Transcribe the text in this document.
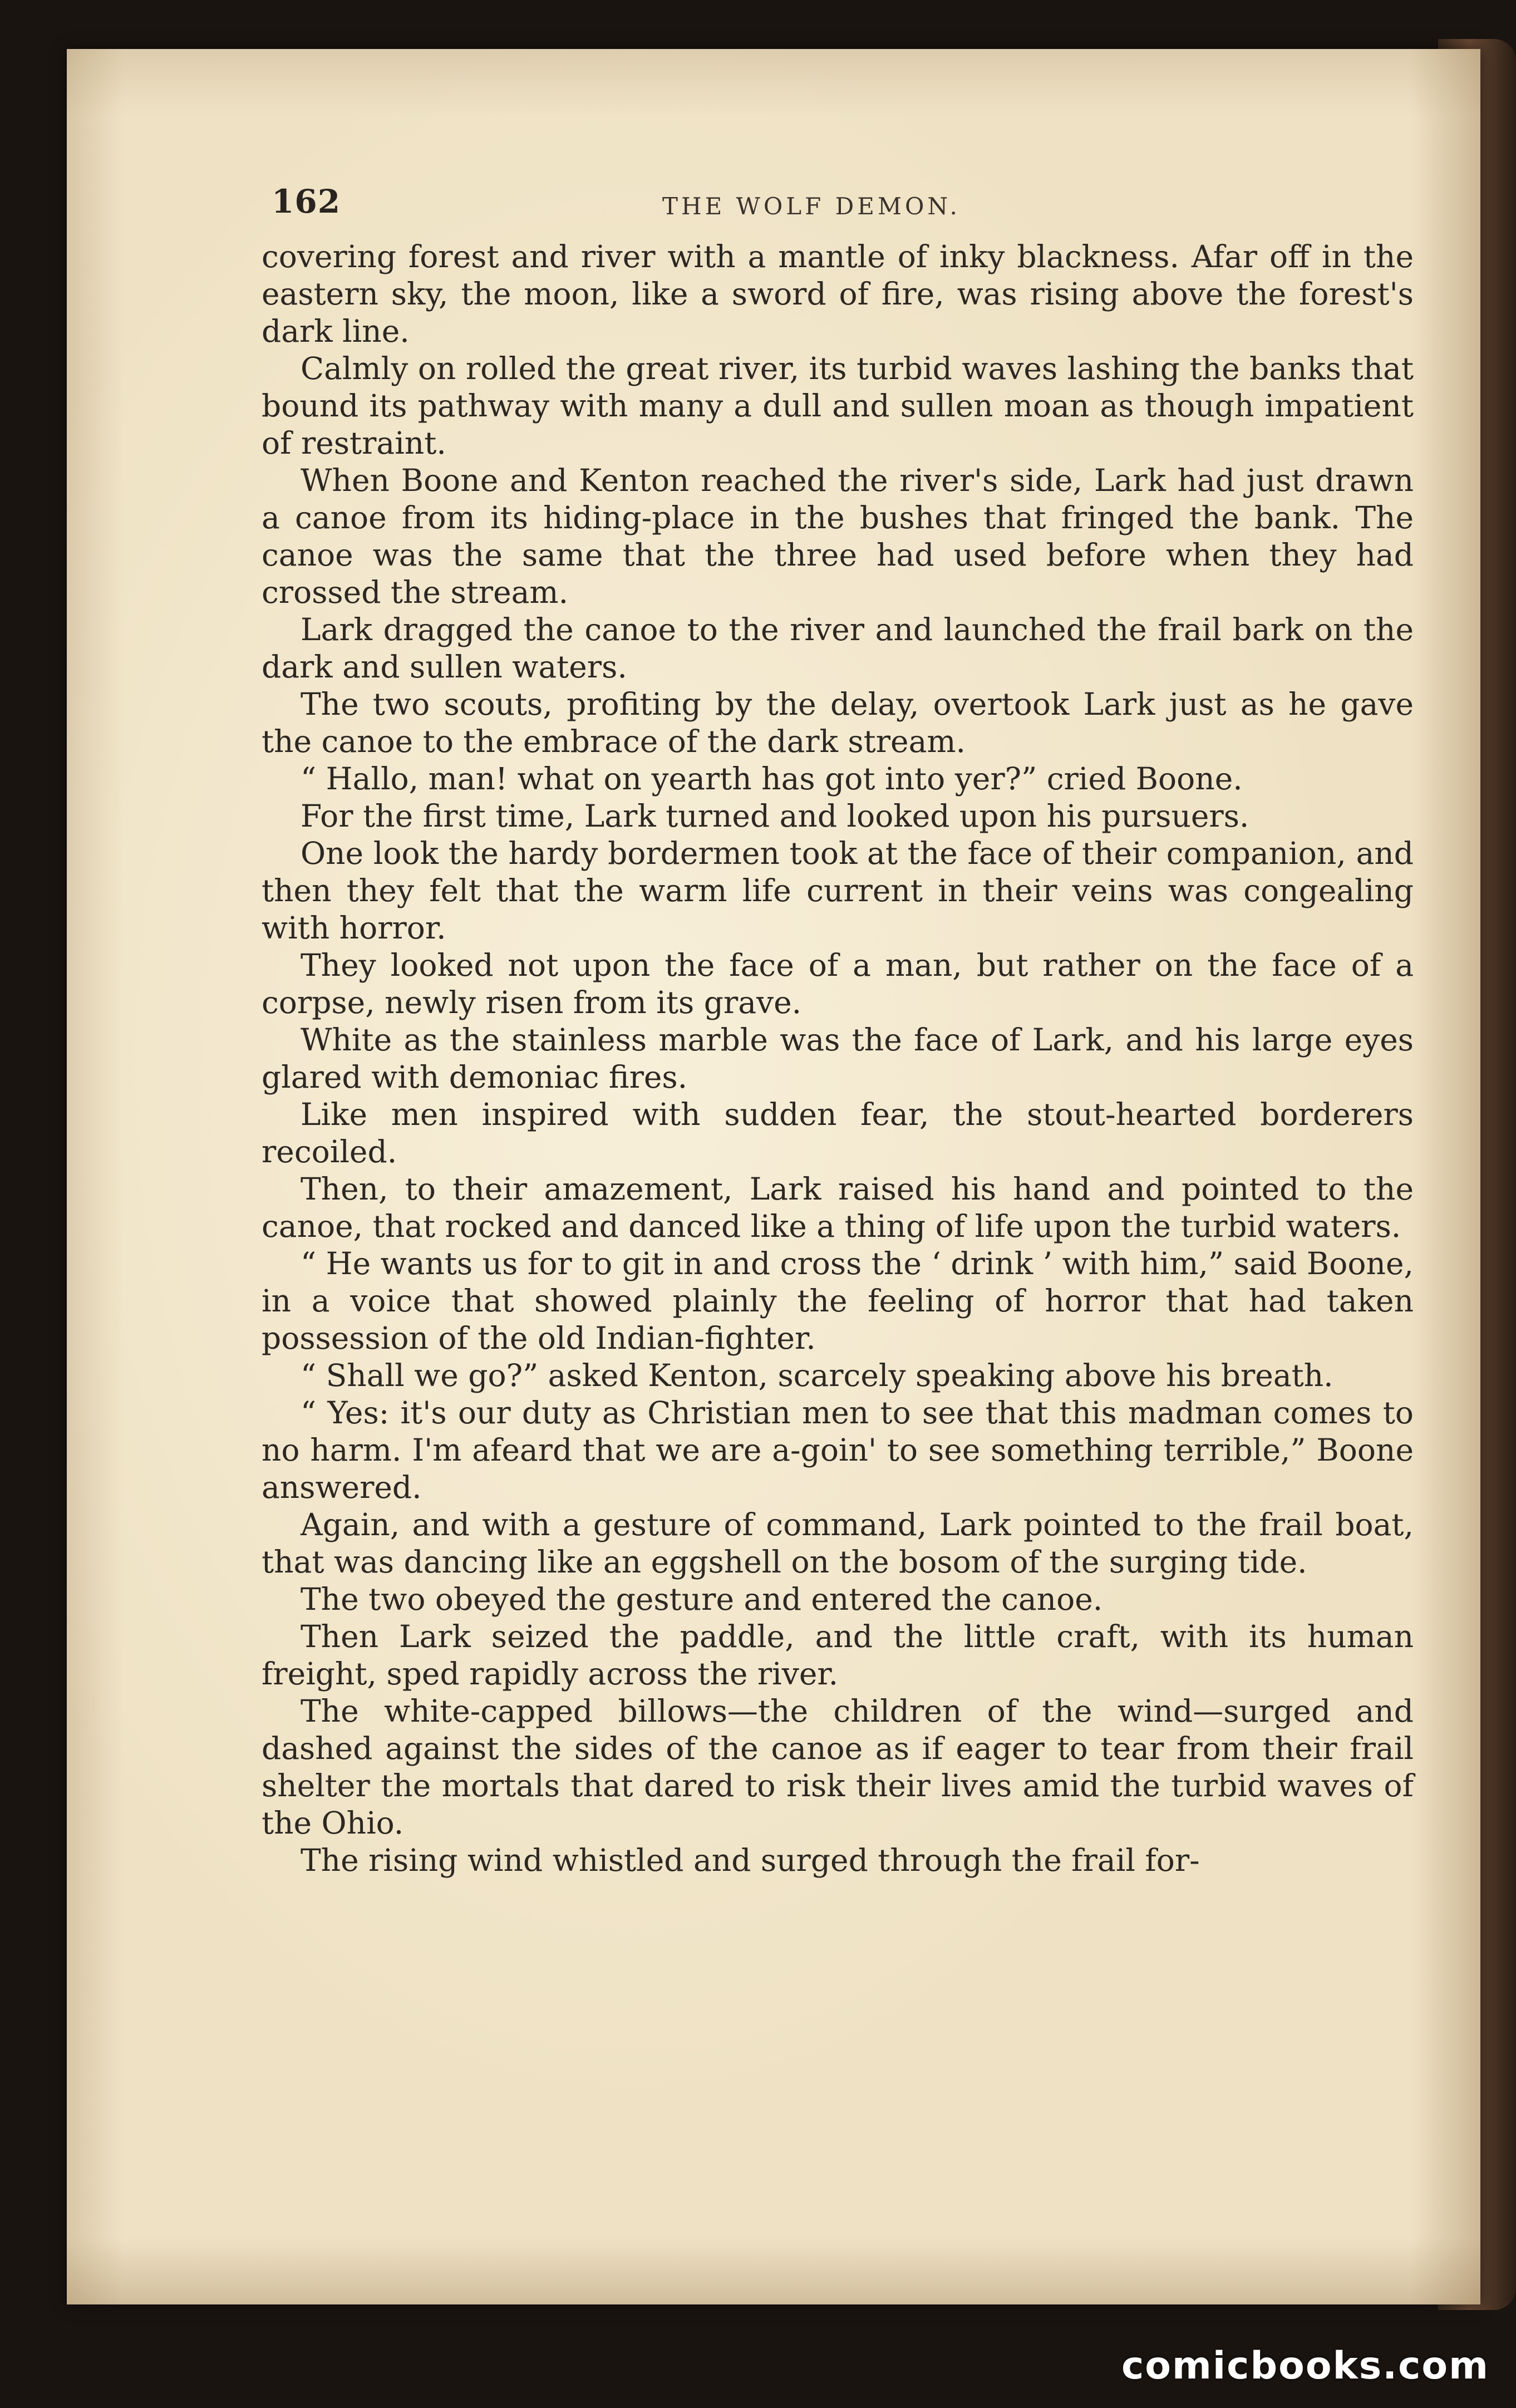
162	THE WOLF DEMON.

covering forest and river with a mantle of inky blackness. Afar off in the eastern sky, the moon, like a sword of fire, was rising above the forest's dark line.

Calmly on rolled the great river, its turbid waves lashing the banks that bound its pathway with many a dull and sullen moan as though impatient of restraint.

When Boone and Kenton reached the river's side, Lark had just drawn a canoe from its hiding-place in the bushes that fringed the bank. The canoe was the same that the three had used before when they had crossed the stream.

Lark dragged the canoe to the river and launched the frail bark on the dark and sullen waters.

The two scouts, profiting by the delay, overtook Lark just as he gave the canoe to the embrace of the dark stream.

“ Hallo, man! what on yearth has got into yer?” cried Boone.

For the first time, Lark turned and looked upon his pursuers.

One look the hardy bordermen took at the face of their companion, and then they felt that the warm life current in their veins was congealing with horror.

They looked not upon the face of a man, but rather on the face of a corpse, newly risen from its grave.

White as the stainless marble was the face of Lark, and his large eyes glared with demoniac fires.

Like men inspired with sudden fear, the stout-hearted borderers recoiled.

Then, to their amazement, Lark raised his hand and pointed to the canoe, that rocked and danced like a thing of life upon the turbid waters.

“ He wants us for to git in and cross the ‘ drink ’ with him,” said Boone, in a voice that showed plainly the feeling of horror that had taken possession of the old Indian-fighter.

“ Shall we go?” asked Kenton, scarcely speaking above his breath.

“ Yes: it's our duty as Christian men to see that this madman comes to no harm. I'm afeard that we are a-goin' to see something terrible,” Boone answered.

Again, and with a gesture of command, Lark pointed to the frail boat, that was dancing like an eggshell on the bosom of the surging tide.

The two obeyed the gesture and entered the canoe.

Then Lark seized the paddle, and the little craft, with its human freight, sped rapidly across the river.

The white-capped billows—the children of the wind—surged and dashed against the sides of the canoe as if eager to tear from their frail shelter the mortals that dared to risk their lives amid the turbid waves of the Ohio.

The rising wind whistled and surged through the frail for-

comicbooks.com
